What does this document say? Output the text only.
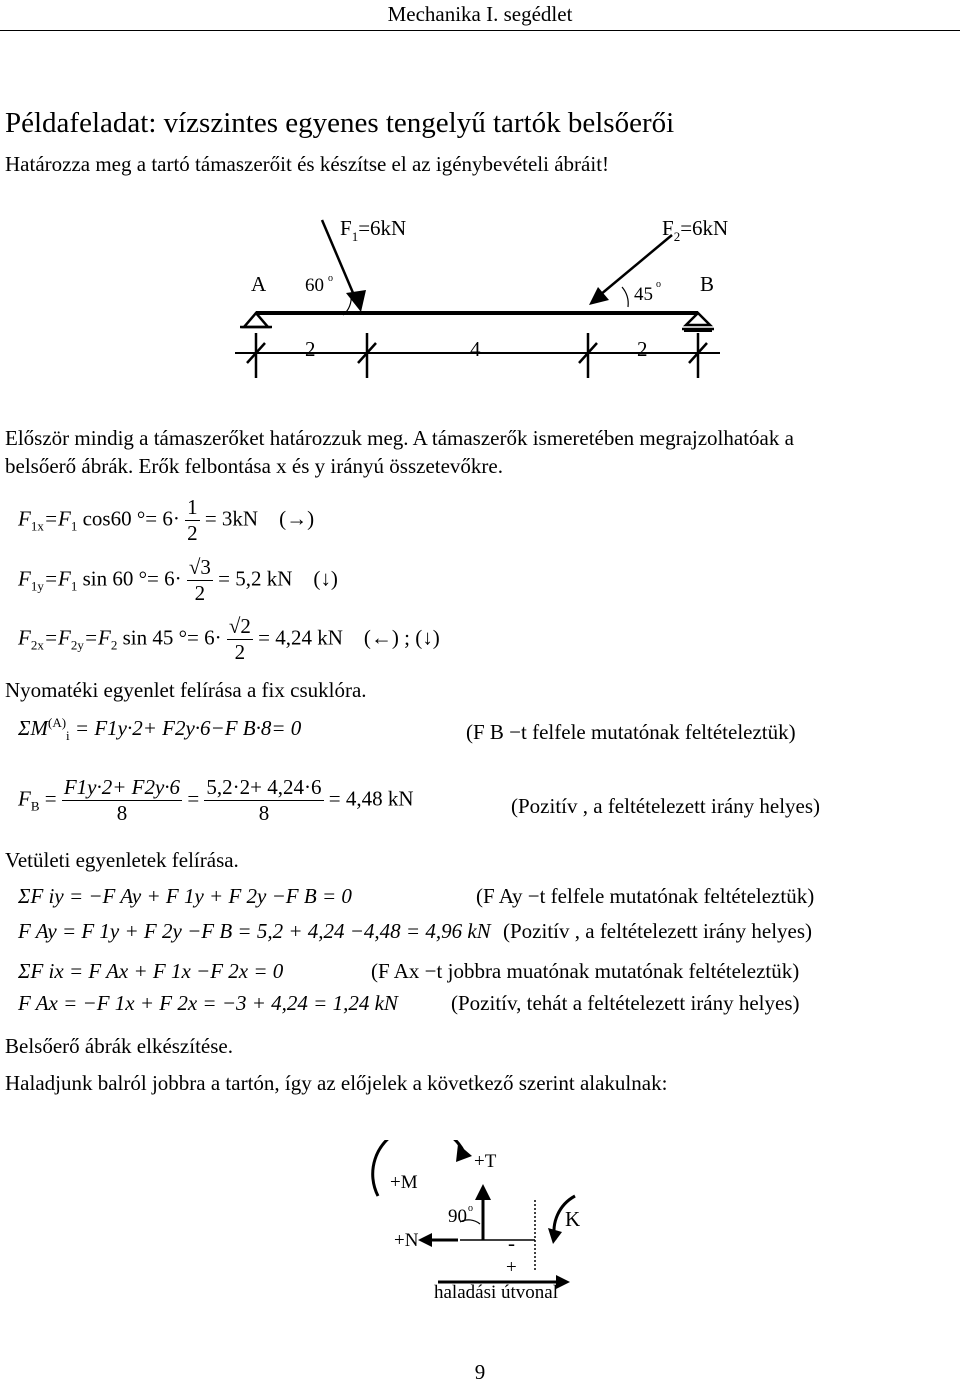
Mechanika I. segédlet
Példafeladat: vízszintes egyenes tengelyű tartók belsőerői
Határozza meg a tartó támaszerőit és készítse el az igénybevételi ábráit!
$F_1=6kN$	$F_2=6kN$
A	B
60 o
45 o
2	4	2
Először mindig a támaszerőket határozzuk meg. A támaszerők ismeretében megrajzolhatóak a
belsőerő ábrák. Erők felbontása x és y irányú összetevőkre.
$F_{1x}=F_1$ cos60 °= $6\cdot \frac{1}{2} = 3kN$ (→)
$F_{1y}=F_1$ sin 60 °= $6\cdot \frac{√3}{2} = 5,2$ kN (↓)
$F_{2x}=F_{2y}=F_2$ sin 45 °= $6\cdot \frac{√2}{2} = 4,24$ kN (←) ; (↓)
Nyomatéki egyenlet felírása a fix csuklóra.
$\Sigma M^{(A)}_i = F1y\cdot 2+ F2y\cdot 6-F$ B·8= 0	(F B −t felfele mutatónak feltételeztük)
$F_B = \frac{F1y\cdot 2+ F2y\cdot 6}{8} = \frac{5,2\cdot 2+ 4,24\cdot 6}{8} = 4,48$ kN	(Pozitív , a feltételezett irány helyes)
Vetületi egyenletek felírása.
ΣF iy = −F Ay + F 1y + F 2y −F B = 0	(F Ay −t felfele mutatónak feltételeztük)
F Ay = F 1y + F 2y −F B = 5,2 + 4,24 −4,48 = 4,96 kN (Pozitív , a feltételezett irány helyes)
ΣF ix = F Ax + F 1x −F 2x = 0	(F Ax −t jobbra muatónak mutatónak feltételeztük)
F Ax = −F 1x + F 2x = −3 + 4,24 = 1,24 kN	(Pozitív, tehát a feltételezett irány helyes)
Belsőerő ábrák elkészítése.
Haladjunk balról jobbra a tartón, így az előjelek a következő szerint alakulnak:
+M
+T
+N
90 o	K
-
+
haladási útvonal
9
